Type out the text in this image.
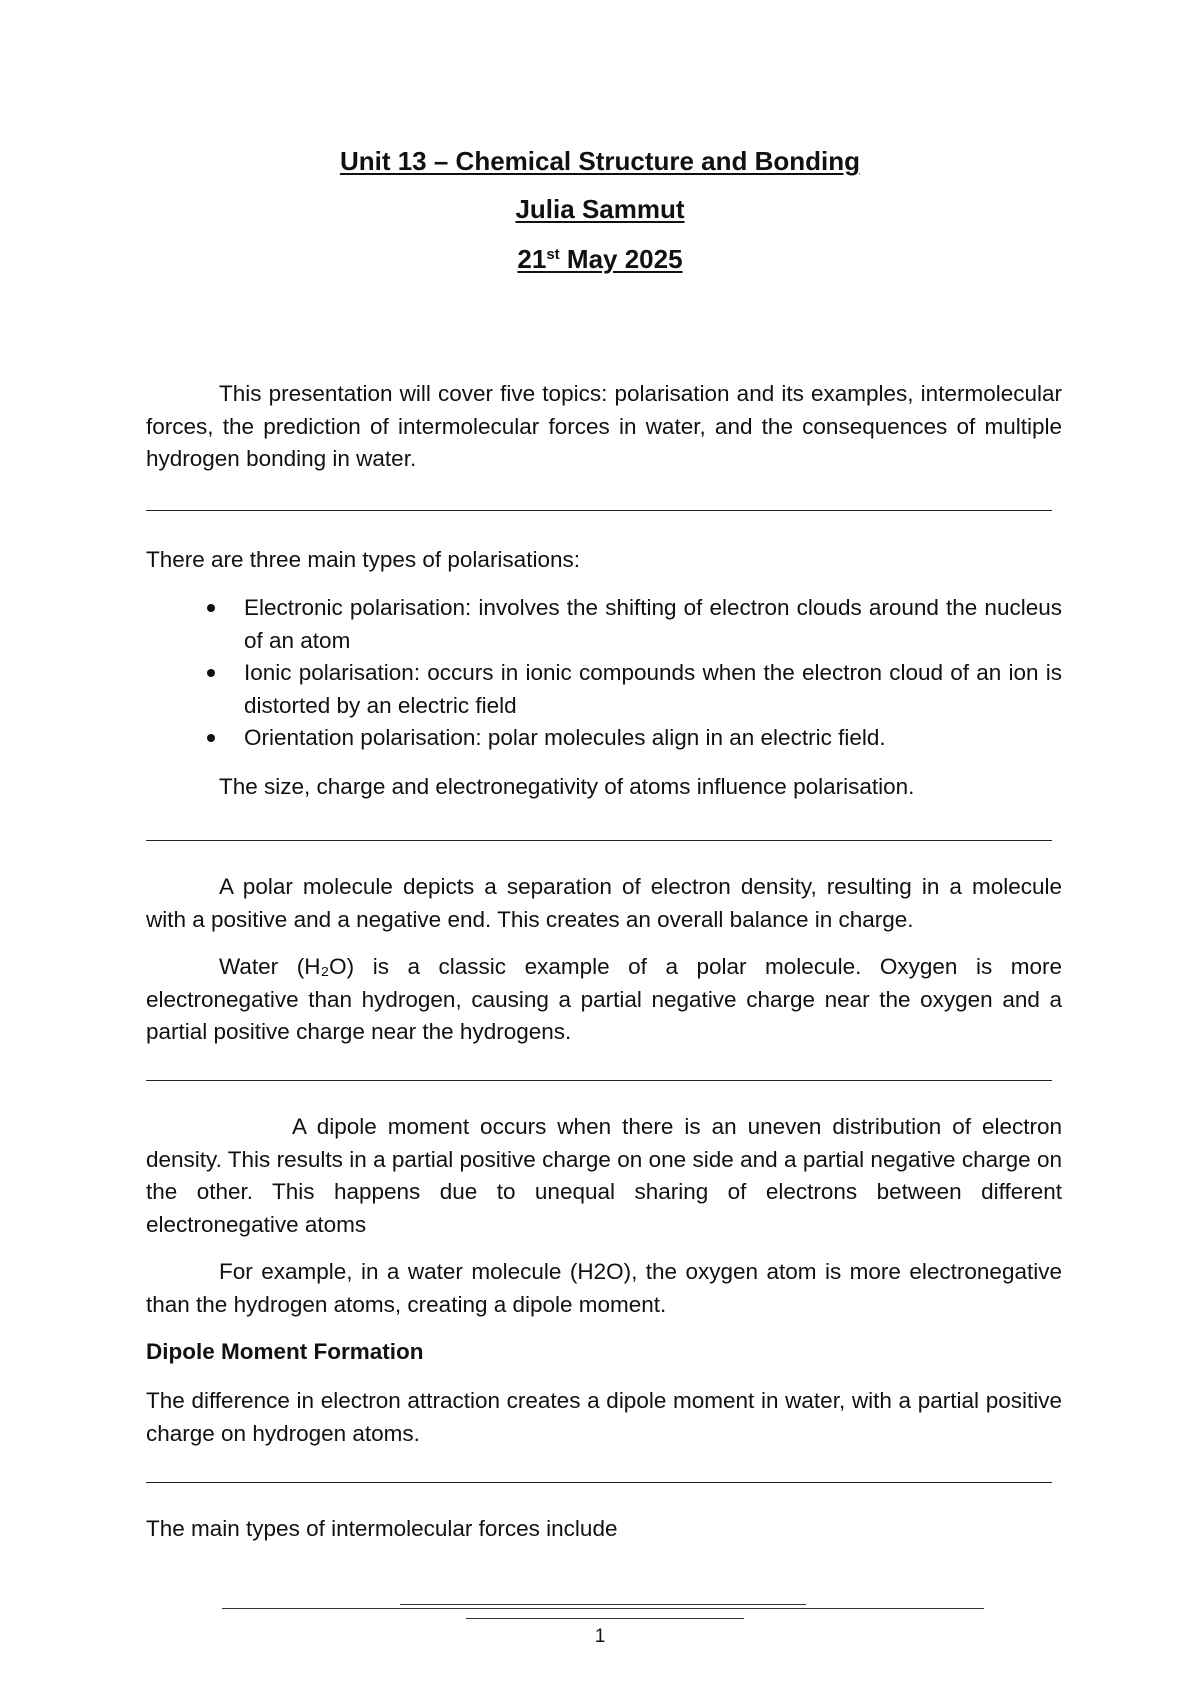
Unit 13 – Chemical Structure and Bonding
Julia Sammut
21st May 2025

This presentation will cover five topics: polarisation and its examples, intermolecular forces, the prediction of intermolecular forces in water, and the consequences of multiple hydrogen bonding in water.

There are three main types of polarisations:

Electronic polarisation: involves the shifting of electron clouds around the nucleus of an atom
Ionic polarisation: occurs in ionic compounds when the electron cloud of an ion is distorted by an electric field
Orientation polarisation: polar molecules align in an electric field.

The size, charge and electronegativity of atoms influence polarisation.

A polar molecule depicts a separation of electron density, resulting in a molecule with a positive and a negative end. This creates an overall balance in charge.

Water (H₂O) is a classic example of a polar molecule. Oxygen is more electronegative than hydrogen, causing a partial negative charge near the oxygen and a partial positive charge near the hydrogens.

A dipole moment occurs when there is an uneven distribution of electron density. This results in a partial positive charge on one side and a partial negative charge on the other. This happens due to unequal sharing of electrons between different electronegative atoms

For example, in a water molecule (H2O), the oxygen atom is more electronegative than the hydrogen atoms, creating a dipole moment.

Dipole Moment Formation

The difference in electron attraction creates a dipole moment in water, with a partial positive charge on hydrogen atoms.

The main types of intermolecular forces include

1
